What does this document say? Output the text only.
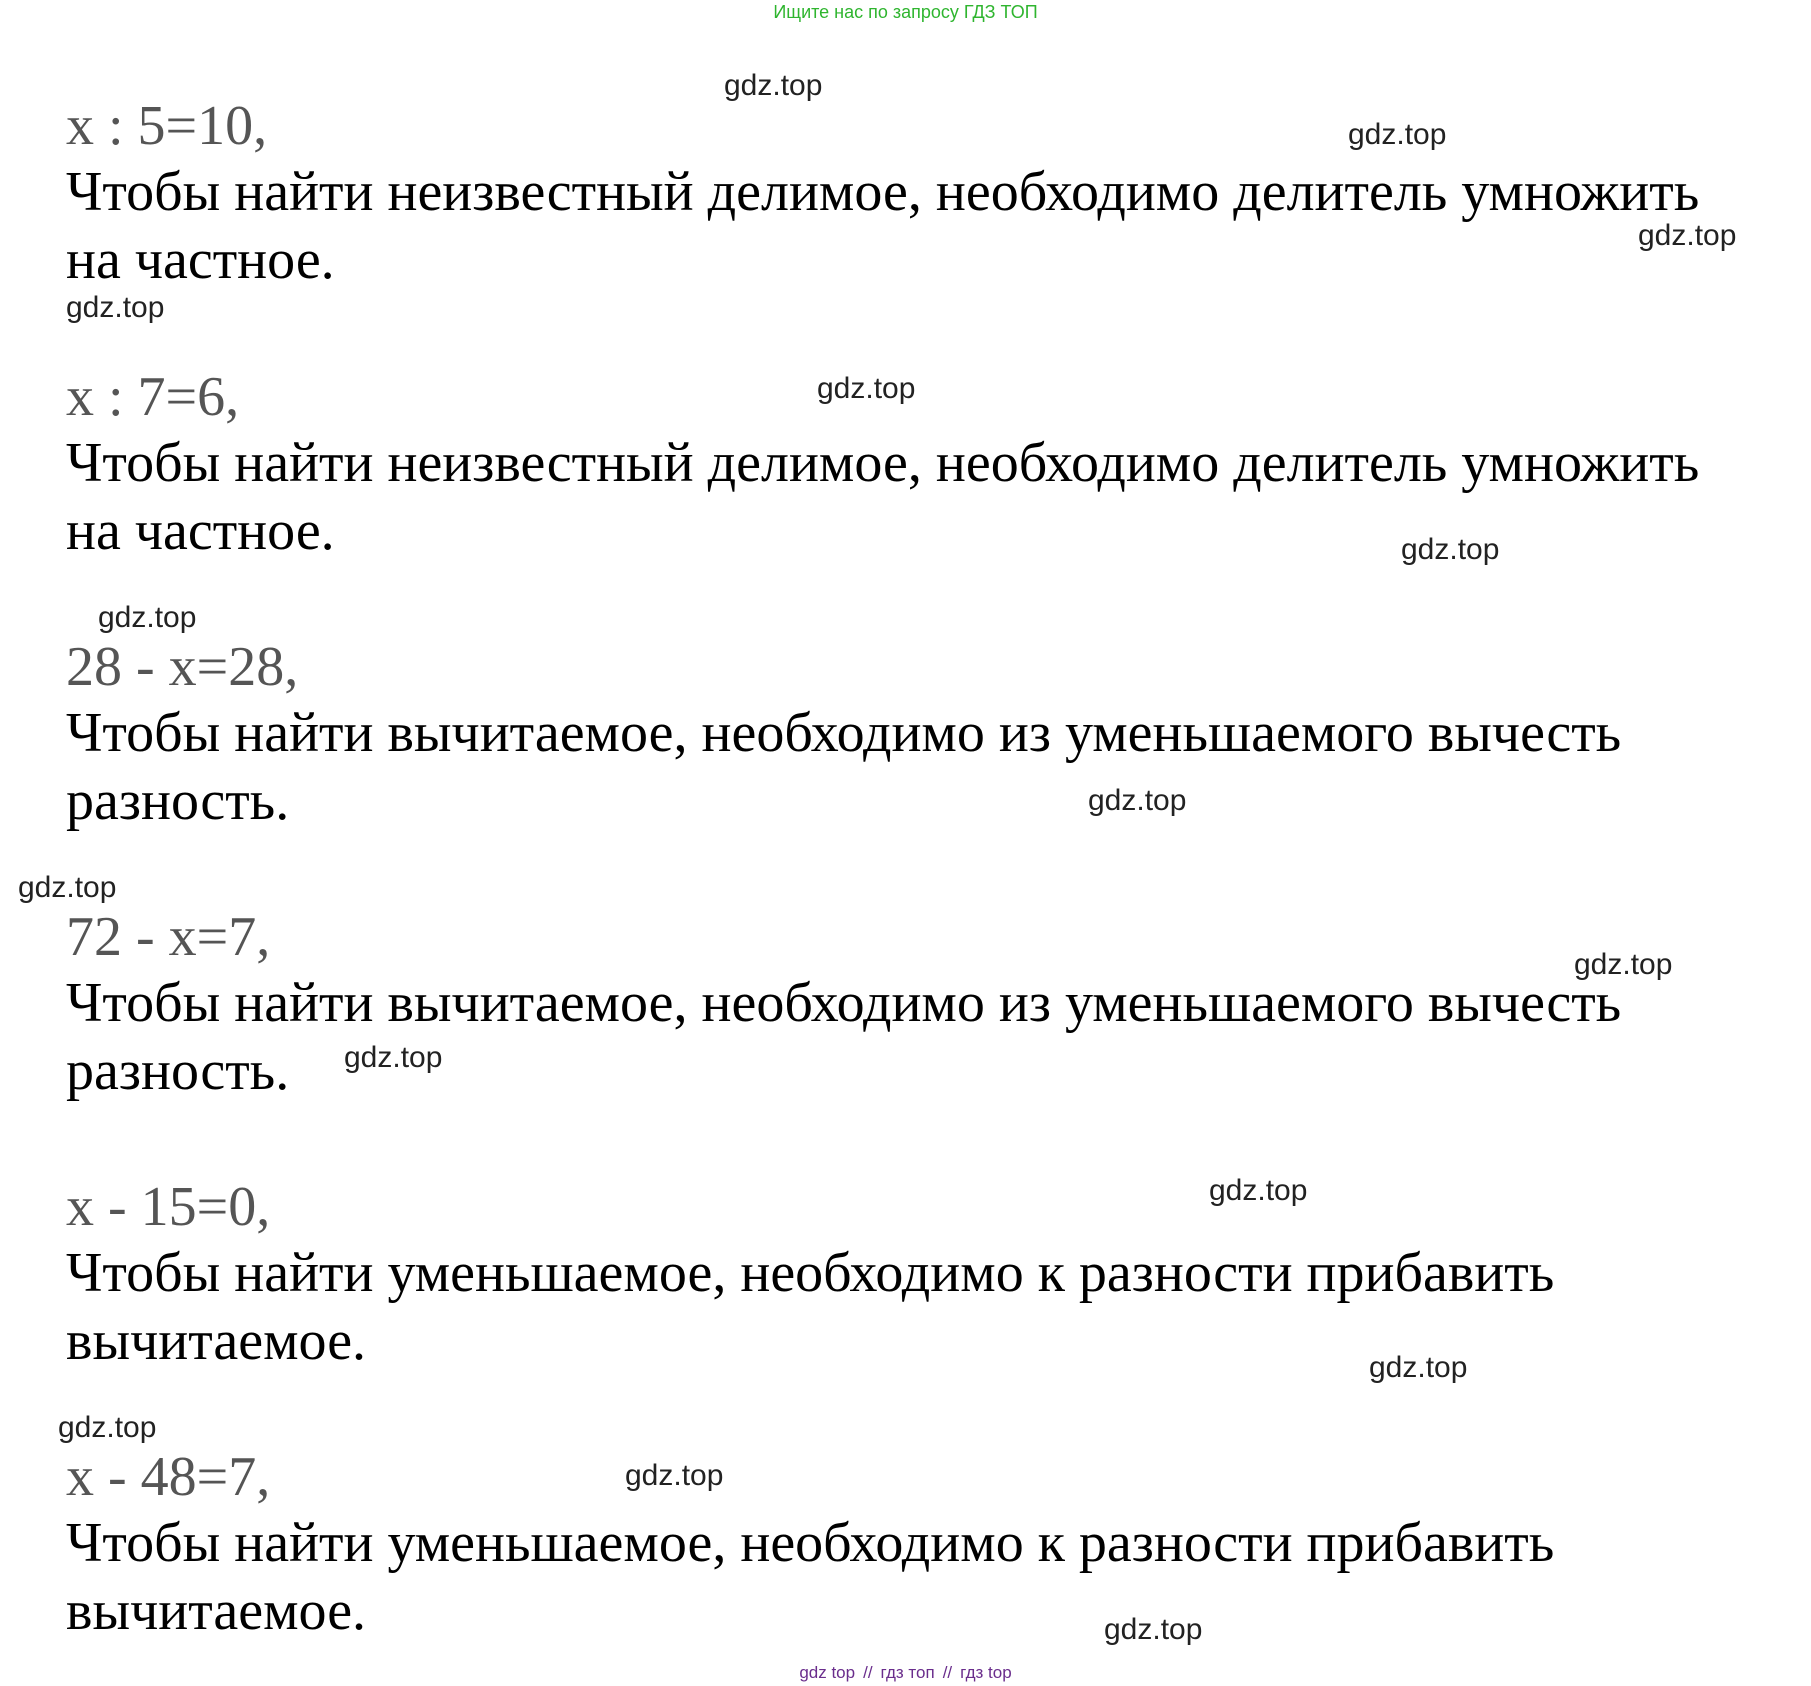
Ищите нас по запросу ГДЗ ТОП
x : 5=10,
Чтобы найти неизвестный делимое, необходимо делитель умножить
на частное.
x : 7=6,
Чтобы найти неизвестный делимое, необходимо делитель умножить
на частное.
28 - x=28,
Чтобы найти вычитаемое, необходимо из уменьшаемого вычесть
разность.
72 - x=7,
Чтобы найти вычитаемое, необходимо из уменьшаемого вычесть
разность.
x - 15=0,
Чтобы найти уменьшаемое, необходимо к разности прибавить
вычитаемое.
x - 48=7,
Чтобы найти уменьшаемое, необходимо к разности прибавить
вычитаемое.
gdz.top
gdz.top
gdz.top
gdz.top
gdz.top
gdz.top
gdz.top
gdz.top
gdz.top
gdz.top
gdz.top
gdz.top
gdz.top
gdz.top
gdz.top
gdz.top
gdz top // гдз топ // гдз top
